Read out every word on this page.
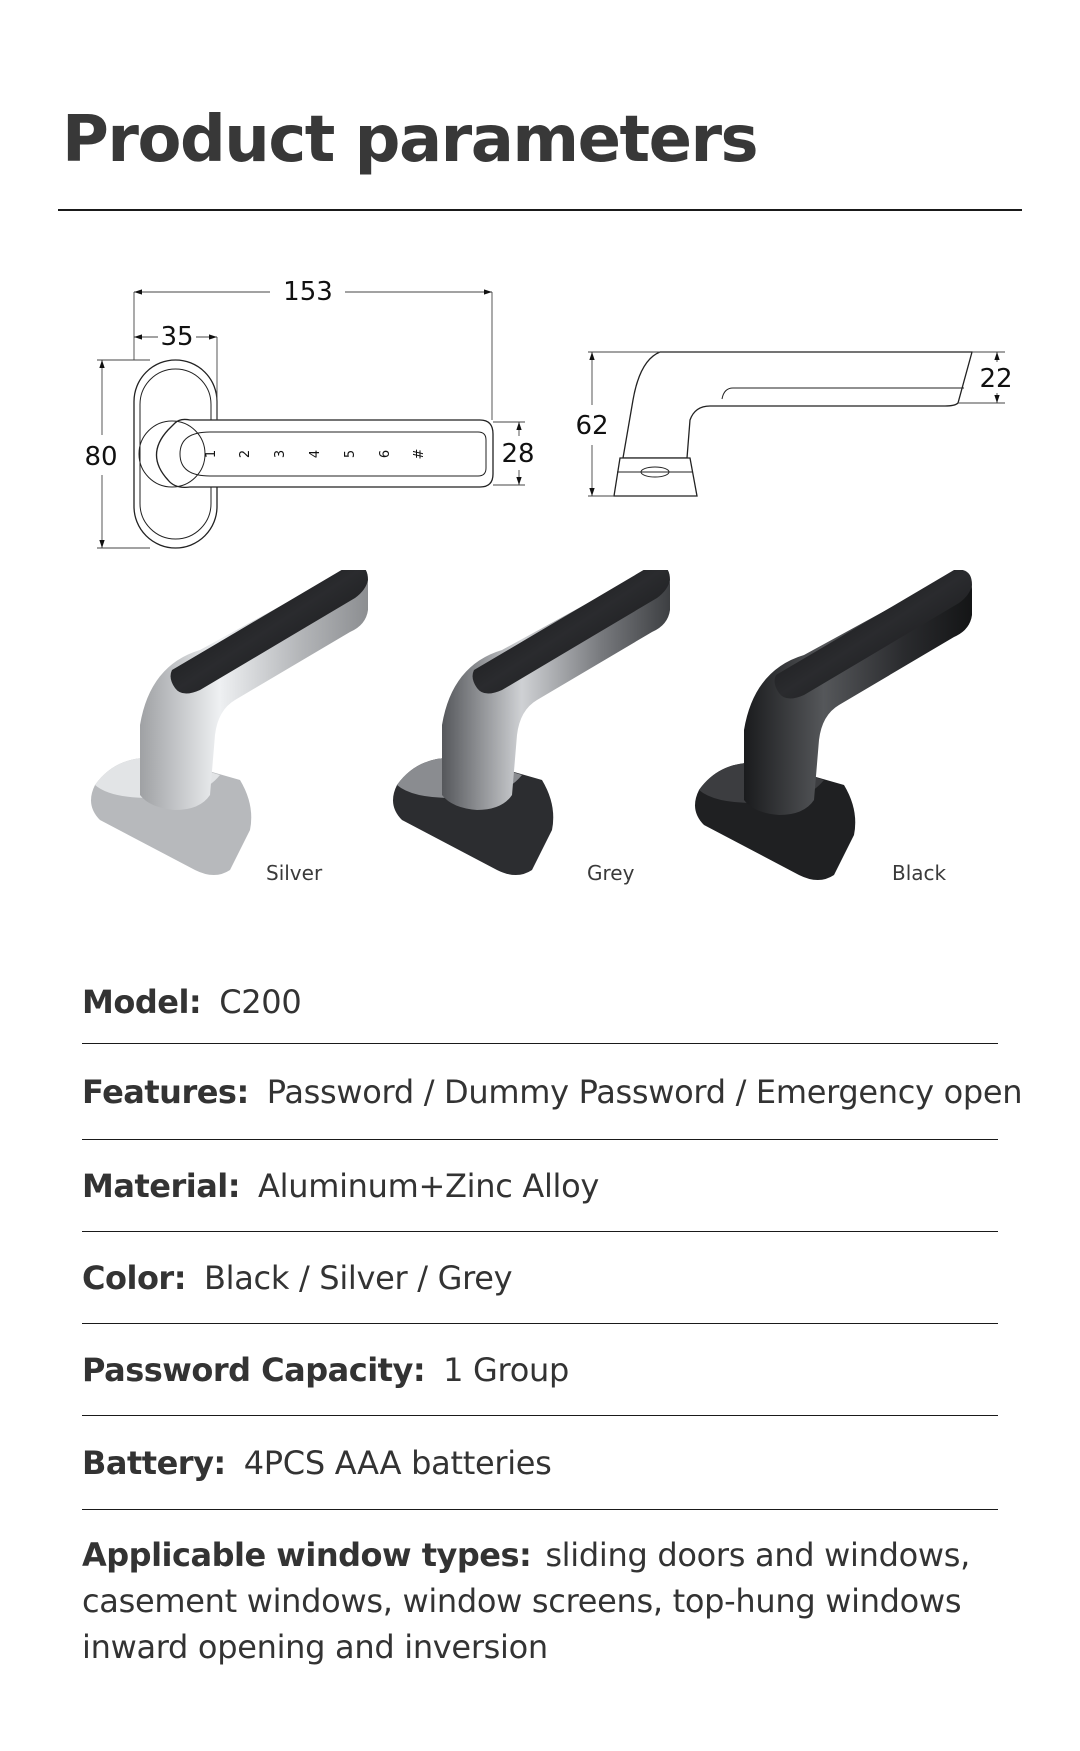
Product parameters
1 2 3 4 5 6 #
153
35
80	28
62
22
Silver	Grey	Black
Model: C200
Features: Password / Dummy Password / Emergency open
Material: Aluminum+Zinc Alloy
Color: Black / Silver / Grey
Password Capacity: 1 Group
Battery: 4PCS AAA batteries
Applicable window types: sliding doors and windows, casement windows, window screens, top-hung windows inward opening and inversion
